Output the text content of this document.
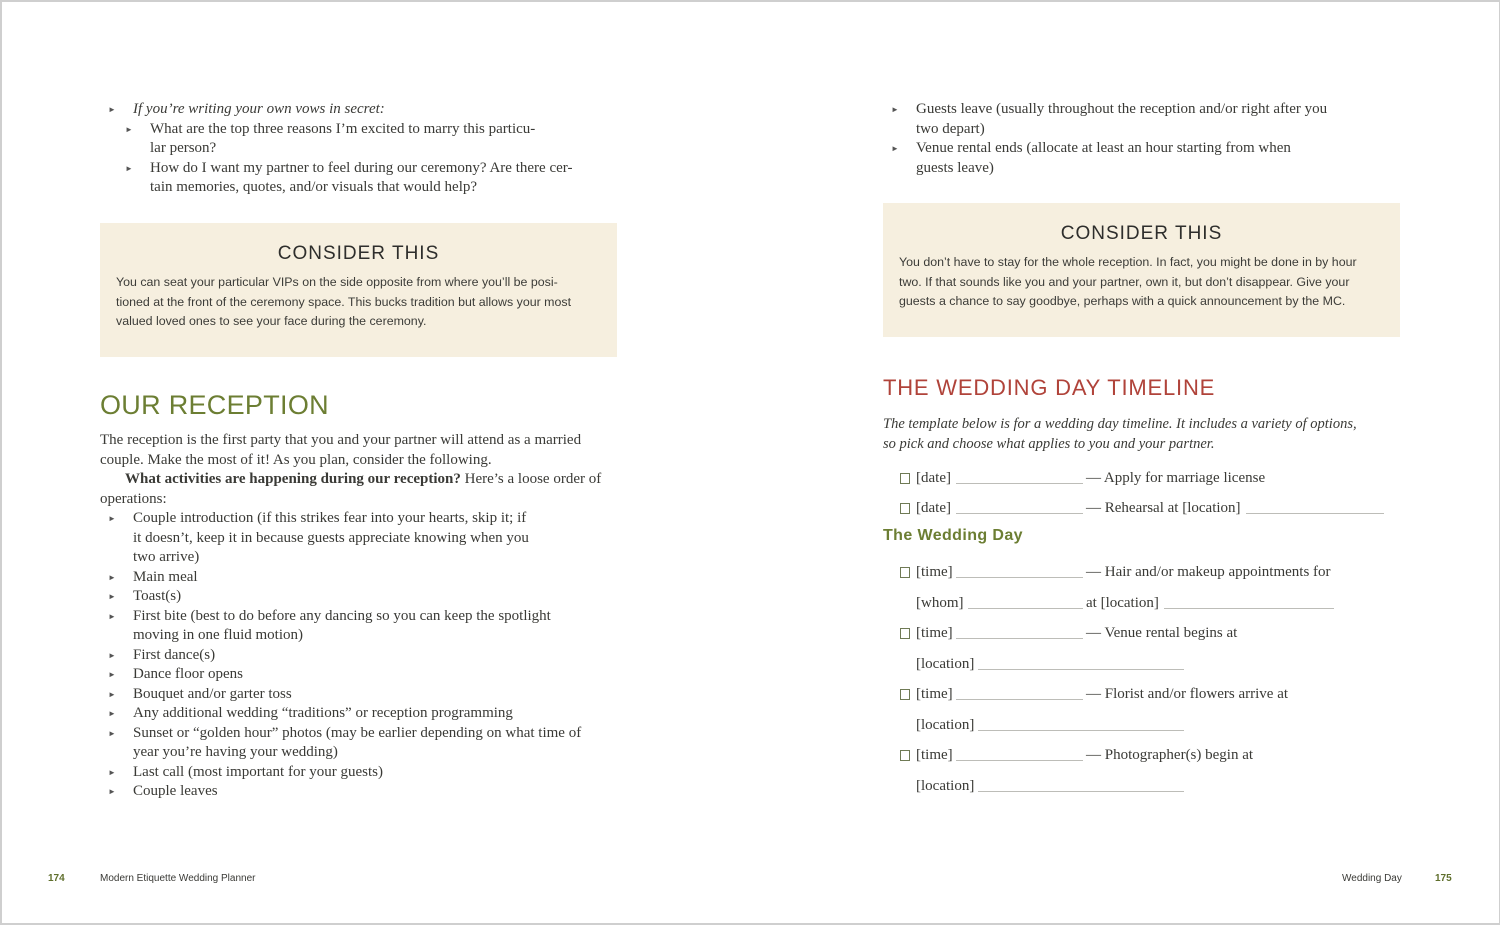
► If you’re writing your own vows in secret:
► What are the top three reasons I’m excited to marry this particu-
lar person?
► How do I want my partner to feel during our ceremony? Are there cer-
tain memories, quotes, and/or visuals that would help?
CONSIDER THIS
You can seat your particular VIPs on the side opposite from where you’ll be posi-
tioned at the front of the ceremony space. This bucks tradition but allows your most
valued loved ones to see your face during the ceremony.
OUR RECEPTION
The reception is the first party that you and your partner will attend as a married
couple. Make the most of it! As you plan, consider the following.
What activities are happening during our reception? Here’s a loose order of
operations:
► Couple introduction (if this strikes fear into your hearts, skip it; if
it doesn’t, keep it in because guests appreciate knowing when you
two arrive)
► Main meal
► Toast(s)
► First bite (best to do before any dancing so you can keep the spotlight
moving in one fluid motion)
► First dance(s)
► Dance floor opens
► Bouquet and/or garter toss
► Any additional wedding “traditions” or reception programming
► Sunset or “golden hour” photos (may be earlier depending on what time of
year you’re having your wedding)
► Last call (most important for your guests)
► Couple leaves
174	Modern Etiquette Wedding Planner
► Guests leave (usually throughout the reception and/or right after you
two depart)
► Venue rental ends (allocate at least an hour starting from when
guests leave)
CONSIDER THIS
You don’t have to stay for the whole reception. In fact, you might be done in by hour
two. If that sounds like you and your partner, own it, but don’t disappear. Give your
guests a chance to say goodbye, perhaps with a quick announcement by the MC.
THE WEDDING DAY TIMELINE
The template below is for a wedding day timeline. It includes a variety of options,
so pick and choose what applies to you and your partner.
[date]	— Apply for marriage license
[date]	— Rehearsal at [location]
The Wedding Day
[time]	— Hair and/or makeup appointments for
[whom]	at [location]
[time]	— Venue rental begins at
[location]
[time]	— Florist and/or flowers arrive at
[location]
[time]	— Photographer(s) begin at
[location]
Wedding Day	175
